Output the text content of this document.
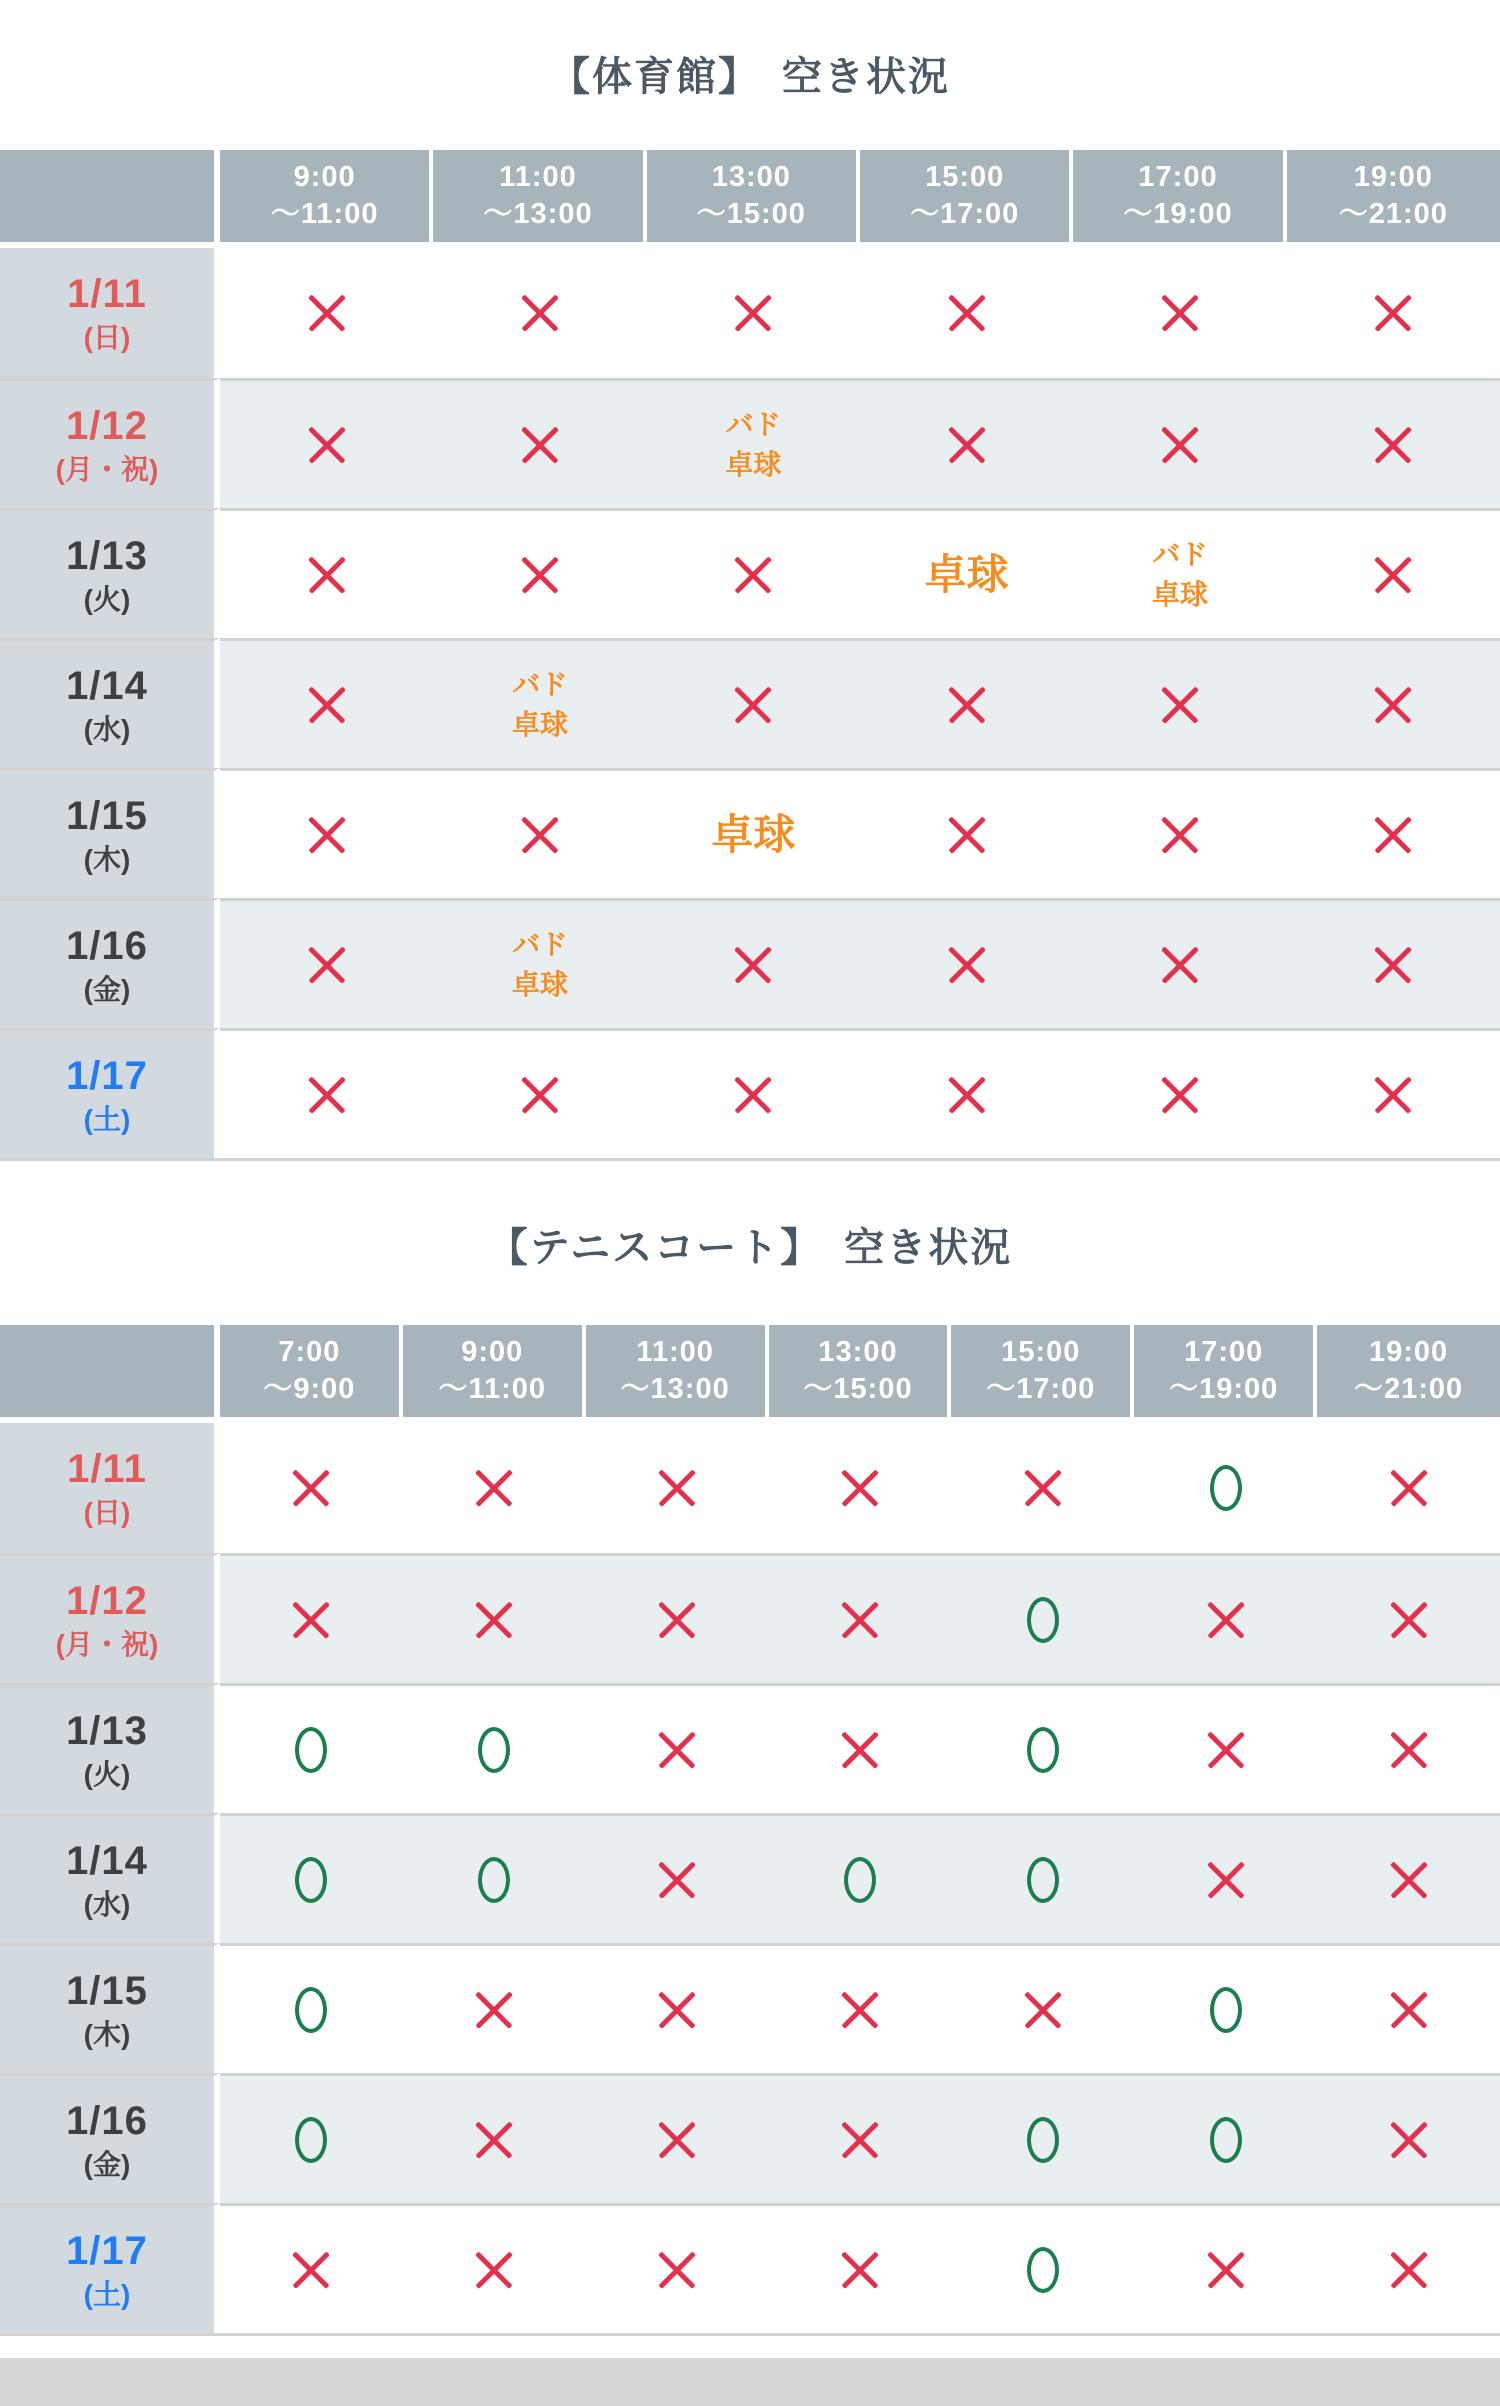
【体育館】　空き状況
9:00
～11:00
11:00
～13:00
13:00
～15:00
15:00
～17:00
17:00
～19:00
19:00
～21:00
1/11
(日)
1/12
(月・祝)
バド
卓球
1/13
(火)
卓球	バド
卓球
1/14
(水)
バド
卓球
1/15
(木)
卓球
1/16
(金)
バド
卓球
1/17
(土)
【テニスコート】　空き状況
7:00
～9:00
9:00
～11:00
11:00
～13:00
13:00
～15:00
15:00
～17:00
17:00
～19:00
19:00
～21:00
1/11
(日)
1/12
(月・祝)
1/13
(火)
1/14
(水)
1/15
(木)
1/16
(金)
1/17
(土)
